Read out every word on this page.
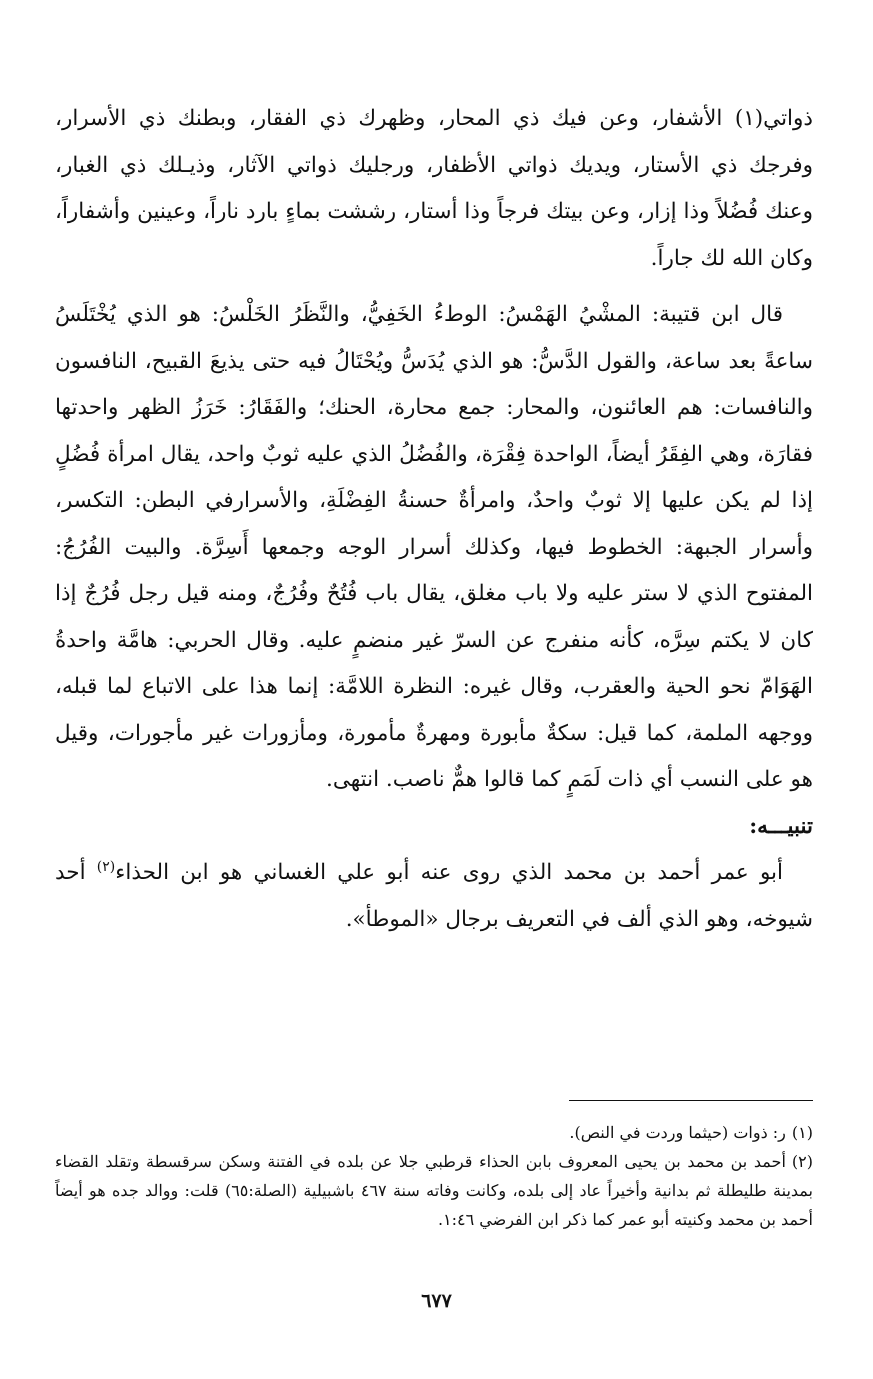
ذواتي(١) الأشفار، وعن فيك ذي المحار، وظهرك ذي الفقار، وبطنك ذي الأسرار، وفرجك ذي الأستار، ويديك ذواتي الأظفار، ورجليك ذواتي الآثار، وذيـلك ذي الغبار، وعنك فُضُلاً وذا إزار، وعن بيتك فرجاً وذا أستار، رششت بماءٍ بارد ناراً، وعينين وأشفاراً، وكان الله لك جاراً.

قال ابن قتيبة: المشْيُ الهَمْسُ: الوطءُ الخَفِيُّ، والنَّظَرُ الخَلْسُ: هو الذي يُخْتَلَسُ ساعةً بعد ساعة، والقول الدَّسُّ: هو الذي يُدَسُّ ويُحْتَالُ فيه حتى يذيعَ القبيح، النافسون والنافسات: هم العائنون، والمحار: جمع محارة، الحنك؛ والفَقَارُ: خَرَزُ الظهر واحدتها فقارَة، وهي الفِقَرُ أيضاً، الواحدة فِقْرَة، والفُضُلُ الذي عليه ثوبٌ واحد، يقال امرأة فُضُلٍ إذا لم يكن عليها إلا ثوبٌ واحدٌ، وامرأةٌ حسنةُ الفِضْلَةِ، والأسرارفي البطن: التكسر، وأسرار الجبهة: الخطوط فيها، وكذلك أسرار الوجه وجمعها أَسِرَّة. والبيت الفُرُجُ: المفتوح الذي لا ستر عليه ولا باب مغلق، يقال باب فُتُحٌ وفُرُجٌ، ومنه قيل رجل فُرُجٌ إذا كان لا يكتم سِرَّه، كأنه منفرج عن السرّ غير منضمٍ عليه. وقال الحربي: هامَّة واحدةُ الهَوَامّ نحو الحية والعقرب، وقال غيره: النظرة اللامَّة: إنما هذا على الاتباع لما قبله، ووجهه الملمة، كما قيل: سكةٌ مأبورة ومهرةٌ مأمورة، ومأزورات غير مأجورات، وقيل هو على النسب أي ذات لَمَمٍ كما قالوا همٌّ ناصب. انتهى.

تنبيـــه:

أبو عمر أحمد بن محمد الذي روى عنه أبو علي الغساني هو ابن الحذاء$^{(٢)}$ أحد شيوخه، وهو الذي ألف في التعريف برجال «الموطأ».

(١)ر: ذوات (حيثما وردت في النص).

(٢)أحمد بن محمد بن يحيى المعروف بابن الحذاء قرطبي جلا عن بلده في الفتنة وسكن سرقسطة وتقلد القضاء بمدينة طليطلة ثم بدانية وأخيراً عاد إلى بلده، وكانت وفاته سنة ٤٦٧ باشبيلية (الصلة:٦٥) قلت: ووالد جده هو أيضاً أحمد بن محمد وكنيته أبو عمر كما ذكر ابن الفرضي ١:٤٦.

٦٧٧
